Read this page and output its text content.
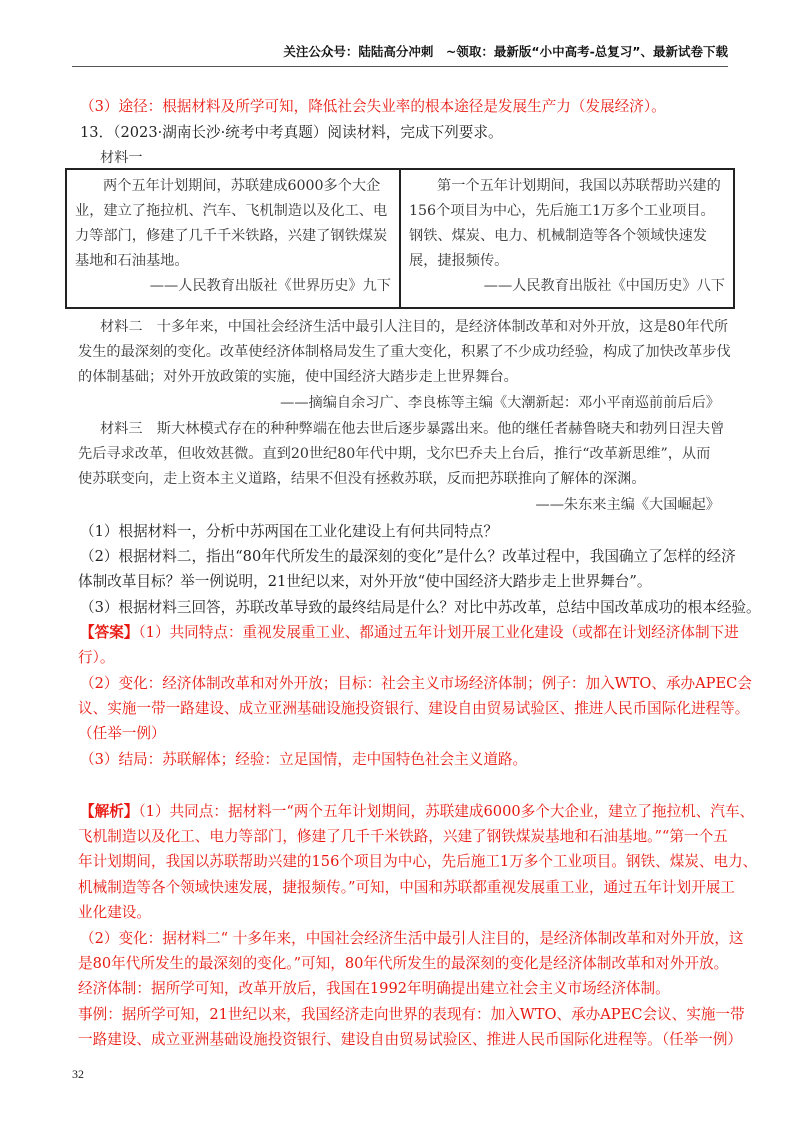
关注公众号：陆陆高分冲刺　~领取：最新版“小中高考-总复习”、最新试卷下载
（3）途径：根据材料及所学可知，降低社会失业率的根本途径是发展生产力（发展经济）。
13．（2023·湖南长沙·统考中考真题）阅读材料，完成下列要求。
材料一
两个五年计划期间，苏联建成6000多个大企
业，建立了拖拉机、汽车、飞机制造以及化工、电
力等部门，修建了几千千米铁路，兴建了钢铁煤炭
基地和石油基地。
——人民教育出版社《世界历史》九下

第一个五年计划期间，我国以苏联帮助兴建的
156个项目为中心，先后施工1万多个工业项目。
钢铁、煤炭、电力、机械制造等各个领域快速发
展，捷报频传。
——人民教育出版社《中国历史》八下
材料二　十多年来，中国社会经济生活中最引人注目的，是经济体制改革和对外开放，这是80年代所
发生的最深刻的变化。改革使经济体制格局发生了重大变化，积累了不少成功经验，构成了加快改革步伐
的体制基础；对外开放政策的实施，使中国经济大踏步走上世界舞台。
——摘编自余习广、李良栋等主编《大潮新起：邓小平南巡前前后后》
材料三　斯大林模式存在的种种弊端在他去世后逐步暴露出来。他的继任者赫鲁晓夫和勃列日涅夫曾
先后寻求改革，但收效甚微。直到20世纪80年代中期，戈尔巴乔夫上台后，推行“改革新思维”，从而
使苏联变向，走上资本主义道路，结果不但没有拯救苏联，反而把苏联推向了解体的深渊。
——朱东来主编《大国崛起》
（1）根据材料一，分析中苏两国在工业化建设上有何共同特点？
（2）根据材料二，指出“80年代所发生的最深刻的变化”是什么？改革过程中，我国确立了怎样的经济
体制改革目标？举一例说明，21世纪以来，对外开放“使中国经济大踏步走上世界舞台”。
（3）根据材料三回答，苏联改革导致的最终结局是什么？对比中苏改革，总结中国改革成功的根本经验。
【答案】（1）共同特点：重视发展重工业、都通过五年计划开展工业化建设（或都在计划经济体制下进
行）。
（2）变化：经济体制改革和对外开放；目标：社会主义市场经济体制；例子：加入WTO、承办APEC会
议、实施一带一路建设、成立亚洲基础设施投资银行、建设自由贸易试验区、推进人民币国际化进程等。
（任举一例）
（3）结局：苏联解体；经验：立足国情，走中国特色社会主义道路。
【解析】（1）共同点：据材料一“两个五年计划期间，苏联建成6000多个大企业，建立了拖拉机、汽车、
飞机制造以及化工、电力等部门，修建了几千千米铁路，兴建了钢铁煤炭基地和石油基地。”“第一个五
年计划期间，我国以苏联帮助兴建的156个项目为中心，先后施工1万多个工业项目。钢铁、煤炭、电力、
机械制造等各个领域快速发展，捷报频传。”可知，中国和苏联都重视发展重工业，通过五年计划开展工
业化建设。
（2）变化：据材料二“ 十多年来，中国社会经济生活中最引人注目的，是经济体制改革和对外开放，这
是80年代所发生的最深刻的变化。”可知，80年代所发生的最深刻的变化是经济体制改革和对外开放。
经济体制：据所学可知，改革开放后，我国在1992年明确提出建立社会主义市场经济体制。
事例：据所学可知，21世纪以来，我国经济走向世界的表现有：加入WTO、承办APEC会议、实施一带
一路建设、成立亚洲基础设施投资银行、建设自由贸易试验区、推进人民币国际化进程等。（任举一例）
32
